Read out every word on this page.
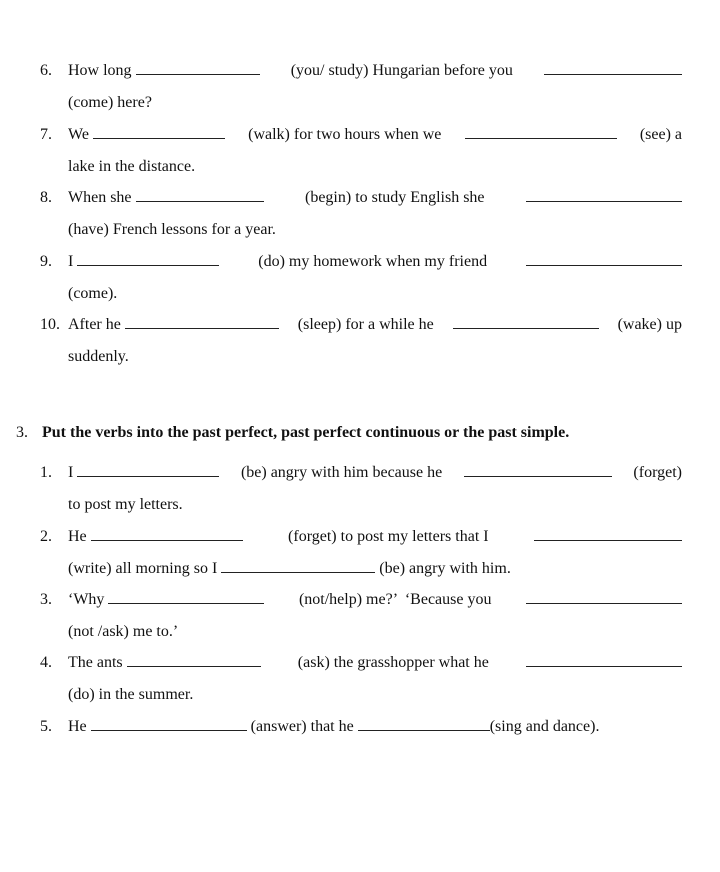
6.	How long	(you/ study) Hungarian before you
(come) here?
7.	We	(walk) for two hours when we	(see) a
lake in the distance.
8.	When she	(begin) to study English she
(have) French lessons for a year.
9.	I	(do) my homework when my friend
(come).
10. After he	(sleep) for a while he	(wake) up
suddenly.
3. Put the verbs into the past perfect, past perfect continuous or the past simple.
1.	I	(be) angry with him because he	(forget)
to post my letters.
2.	He	(forget) to post my letters that I
(write) all morning so I	(be) angry with him.
3.	‘Why	(not/help) me?’  ‘Because you
(not /ask) me to.’
4.	The ants	(ask) the grasshopper what he
(do) in the summer.
5.	He	(answer) that he	(sing and dance).
